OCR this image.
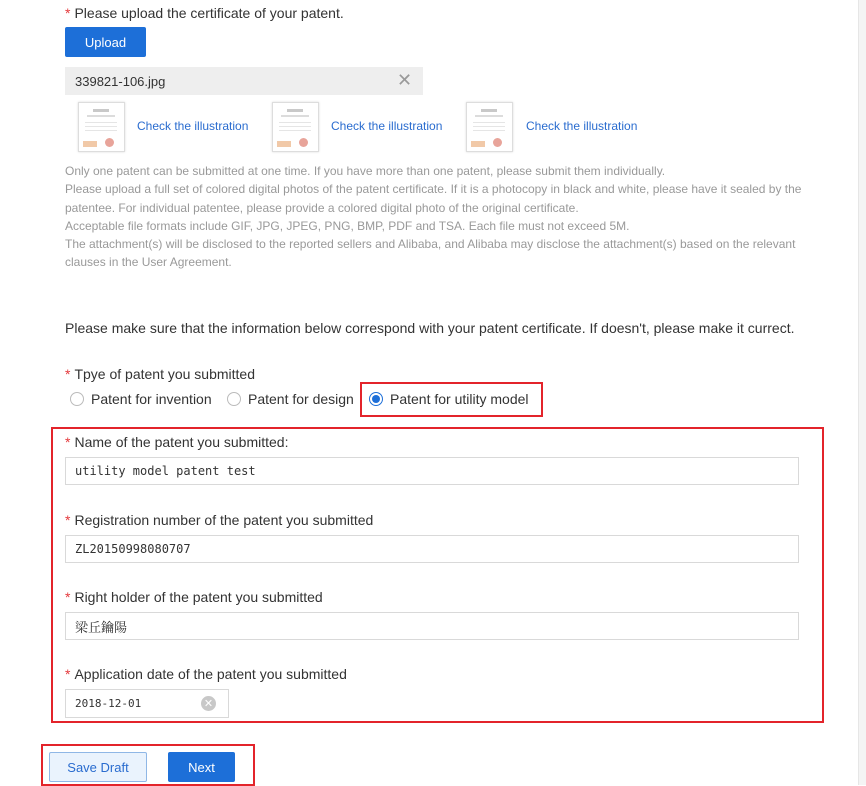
* Please upload the certificate of your patent.
Upload
339821-106.jpg	✕
Check the illustration	Check the illustration	Check the illustration
Only one patent can be submitted at one time. If you have more than one patent, please submit them individually.
Please upload a full set of colored digital photos of the patent certificate. If it is a photocopy in black and white, please have it sealed by the patentee. For individual patentee, please provide a colored digital photo of the original certificate.
Acceptable file formats include GIF, JPG, JPEG, PNG, BMP, PDF and TSA. Each file must not exceed 5M.
The attachment(s) will be disclosed to the reported sellers and Alibaba, and Alibaba may disclose the attachment(s) based on the relevant clauses in the User Agreement.
Please make sure that the information below correspond with your patent certificate. If doesn't, please make it currect.
* Tpye of patent you submitted
Patent for invention	Patent for design	Patent for utility model
* Name of the patent you submitted:
utility model patent test
* Registration number of the patent you submitted
ZL20150998080707
* Right holder of the patent you submitted
梁丘鑰陽
* Application date of the patent you submitted
2018-12-01	✕
Save Draft	Next
